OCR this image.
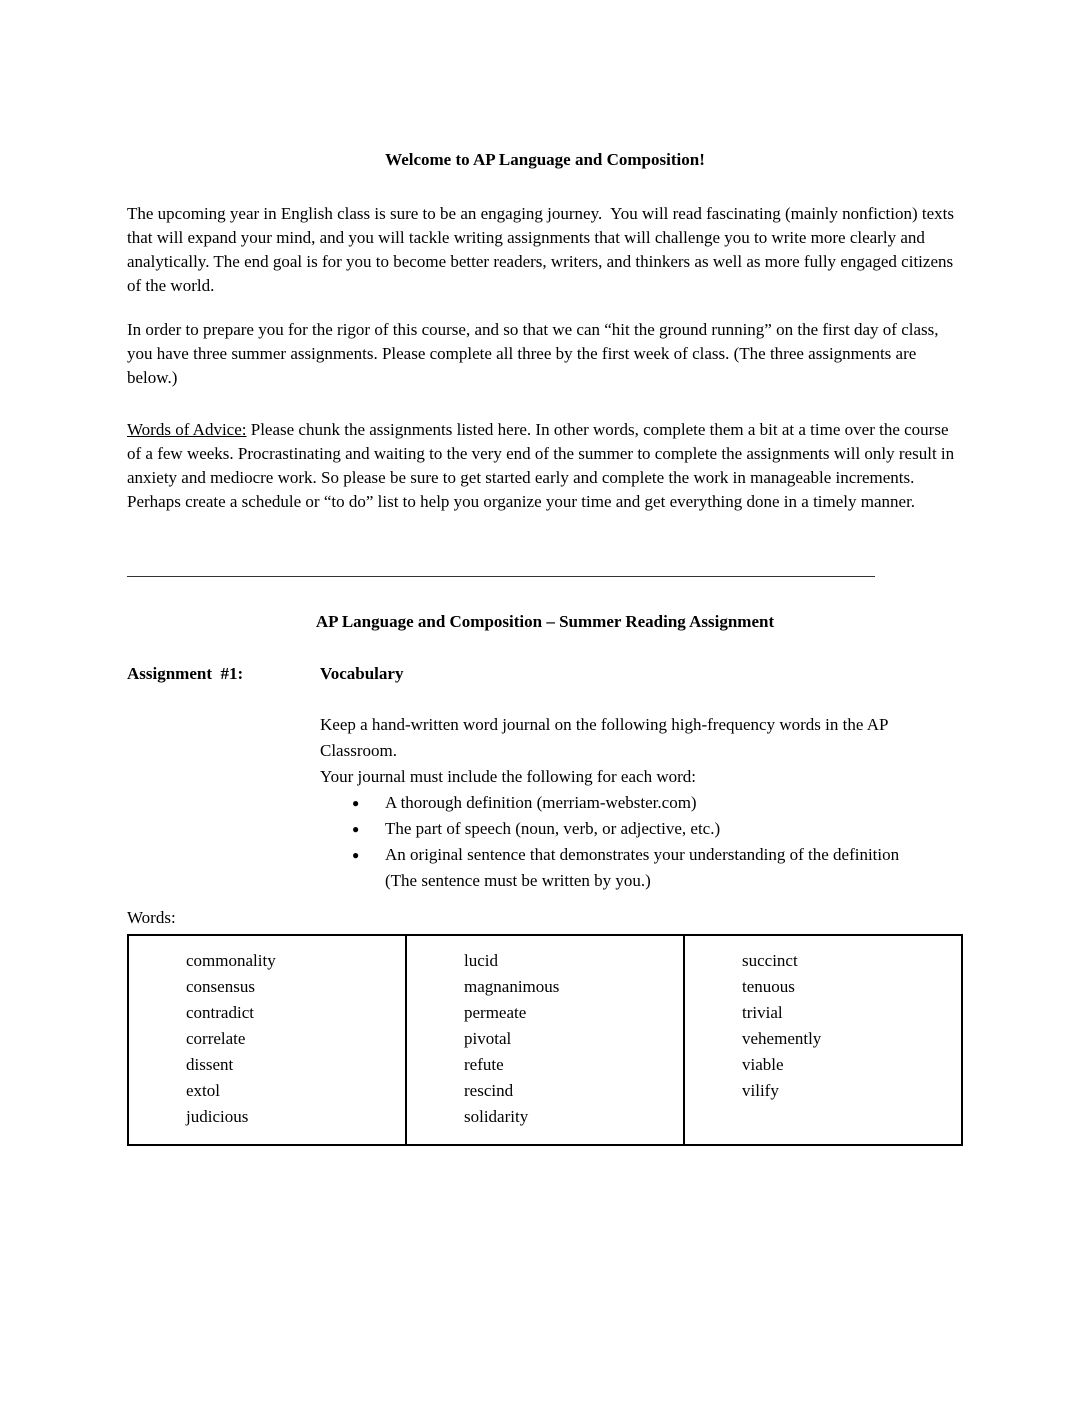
Welcome to AP Language and Composition!

The upcoming year in English class is sure to be an engaging journey.  You will read fascinating (mainly nonfiction) texts that will expand your mind, and you will tackle writing assignments that will challenge you to write more clearly and analytically. The end goal is for you to become better readers, writers, and thinkers as well as more fully engaged citizens of the world.

In order to prepare you for the rigor of this course, and so that we can “hit the ground running” on the first day of class, you have three summer assignments. Please complete all three by the first week of class. (The three assignments are below.)

Words of Advice: Please chunk the assignments listed here. In other words, complete them a bit at a time over the course of a few weeks. Procrastinating and waiting to the very end of the summer to complete the assignments will only result in anxiety and mediocre work. So please be sure to get started early and complete the work in manageable increments. Perhaps create a schedule or “to do” list to help you organize your time and get everything done in a timely manner.

AP Language and Composition – Summer Reading Assignment
Assignment  #1:	Vocabulary

Keep a hand-written word journal on the following high-frequency words in the AP Classroom.

Your journal must include the following for each word:

●	A thorough definition (merriam-webster.com)
●	The part of speech (noun, verb, or adjective, etc.)
●	An original sentence that demonstrates your understanding of the definition (The sentence must be written by you.)
Words:
commonality
consensus
contradict
correlate
dissent
extol
judicious
lucid
magnanimous
permeate
pivotal
refute
rescind
solidarity
succinct
tenuous
trivial
vehemently
viable
vilify
